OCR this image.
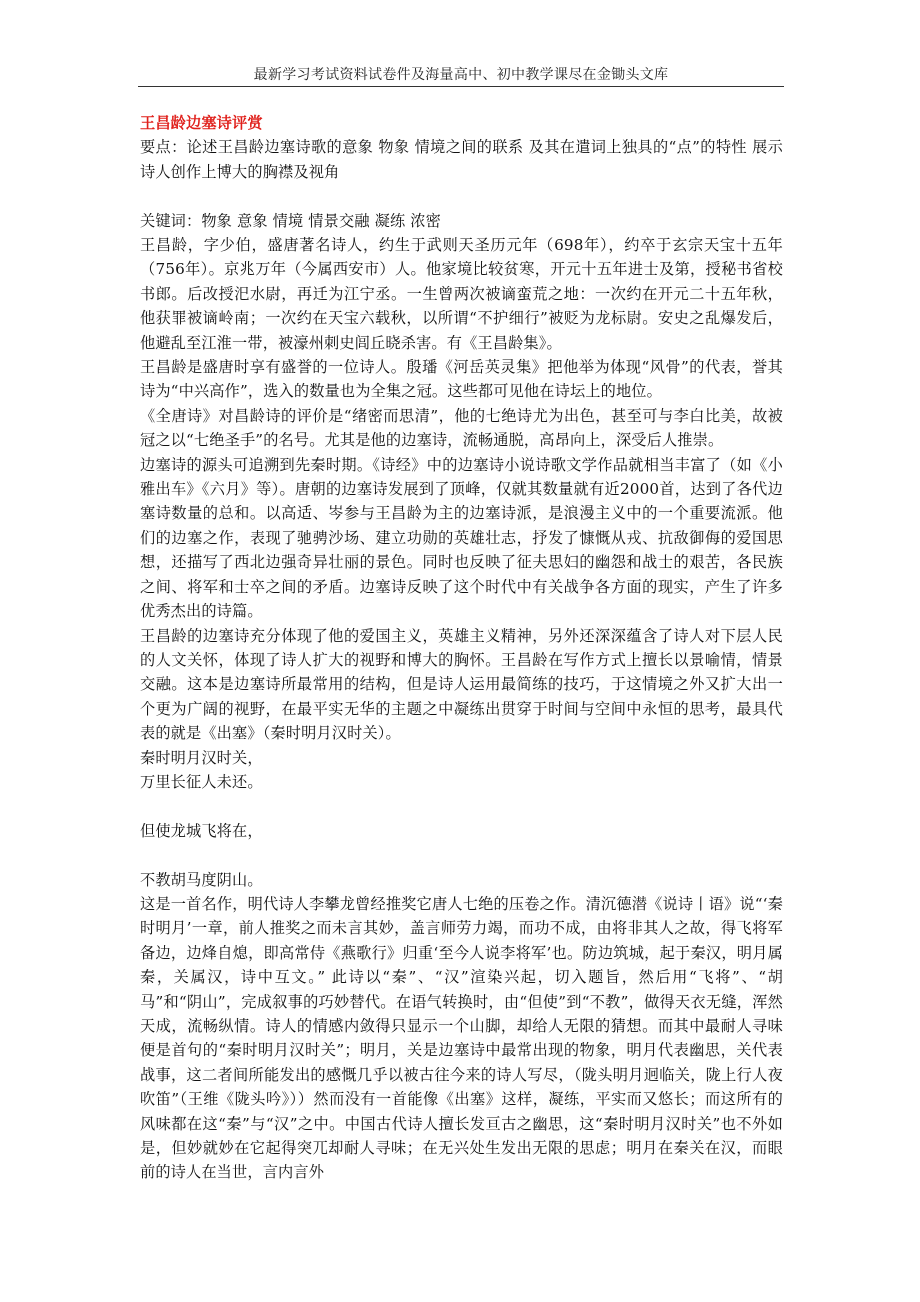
最新学习考试资料试卷件及海量高中、初中教学课尽在金锄头文库

王昌龄边塞诗评赏

要点：论述王昌龄边塞诗歌的意象 物象 情境之间的联系 及其在遣词上独具的“点”的特性 展示诗人创作上博大的胸襟及视角

关键词：物象 意象 情境 情景交融 凝练 浓密

王昌龄，字少伯，盛唐著名诗人，约生于武则天圣历元年（698年），约卒于玄宗天宝十五年（756年）。京兆万年（今属西安市）人。他家境比较贫寒，开元十五年进士及第，授秘书省校书郎。后改授汜水尉，再迁为江宁丞。一生曾两次被谪蛮荒之地：一次约在开元二十五年秋，他获罪被谪岭南；一次约在天宝六载秋，以所谓“不护细行”被贬为龙标尉。安史之乱爆发后，他避乱至江淮一带，被濠州刺史闾丘晓杀害。有《王昌龄集》。

王昌龄是盛唐时享有盛誉的一位诗人。殷璠《河岳英灵集》把他举为体现“风骨”的代表，誉其诗为“中兴高作”，选入的数量也为全集之冠。这些都可见他在诗坛上的地位。

《全唐诗》对昌龄诗的评价是“绪密而思清”，他的七绝诗尤为出色，甚至可与李白比美，故被冠之以“七绝圣手”的名号。尤其是他的边塞诗，流畅通脱，高昂向上，深受后人推崇。

边塞诗的源头可追溯到先秦时期。《诗经》中的边塞诗小说诗歌文学作品就相当丰富了（如《小雅出车》《六月》等）。唐朝的边塞诗发展到了顶峰，仅就其数量就有近2000首，达到了各代边塞诗数量的总和。以高适、岑参与王昌龄为主的边塞诗派，是浪漫主义中的一个重要流派。他们的边塞之作，表现了驰骋沙场、建立功勋的英雄壮志，抒发了慷慨从戎、抗敌御侮的爱国思想，还描写了西北边强奇异壮丽的景色。同时也反映了征夫思妇的幽怨和战士的艰苦，各民族之间、将军和士卒之间的矛盾。边塞诗反映了这个时代中有关战争各方面的现实，产生了许多优秀杰出的诗篇。

王昌龄的边塞诗充分体现了他的爱国主义，英雄主义精神，另外还深深蕴含了诗人对下层人民的人文关怀，体现了诗人扩大的视野和博大的胸怀。王昌龄在写作方式上擅长以景喻情，情景交融。这本是边塞诗所最常用的结构，但是诗人运用最简练的技巧，于这情境之外又扩大出一个更为广阔的视野，在最平实无华的主题之中凝练出贯穿于时间与空间中永恒的思考，最具代表的就是《出塞》（秦时明月汉时关）。

秦时明月汉时关，

万里长征人未还。

但使龙城飞将在，

不教胡马度阴山。

这是一首名作，明代诗人李攀龙曾经推奖它唐人七绝的压卷之作。清沉德潜《说诗丨语》说“‘秦时明月’一章，前人推奖之而未言其妙，盖言师劳力竭，而功不成，由将非其人之故，得飞将军备边，边烽自熄，即高常侍《燕歌行》归重‘至今人说李将军’也。防边筑城，起于秦汉，明月属秦，关属汉，诗中互文。” 此诗以“秦”、“汉”渲染兴起，切入题旨，然后用“飞将”、“胡马”和“阴山”，完成叙事的巧妙替代。在语气转换时，由“但使”到“不教”，做得天衣无缝，浑然天成，流畅纵情。诗人的情感内敛得只显示一个山脚，却给人无限的猜想。而其中最耐人寻味便是首句的“秦时明月汉时关”；明月，关是边塞诗中最常出现的物象，明月代表幽思，关代表战事，这二者间所能发出的感慨几乎以被古往今来的诗人写尽，（陇头明月迥临关，陇上行人夜吹笛”（王维《陇头吟》））然而没有一首能像《出塞》这样，凝练，平实而又悠长；而这所有的风味都在这“秦”与“汉”之中。中国古代诗人擅长发亘古之幽思，这“秦时明月汉时关”也不外如是，但妙就妙在它起得突兀却耐人寻味；在无兴处生发出无限的思虑；明月在秦关在汉，而眼前的诗人在当世，言内言外
